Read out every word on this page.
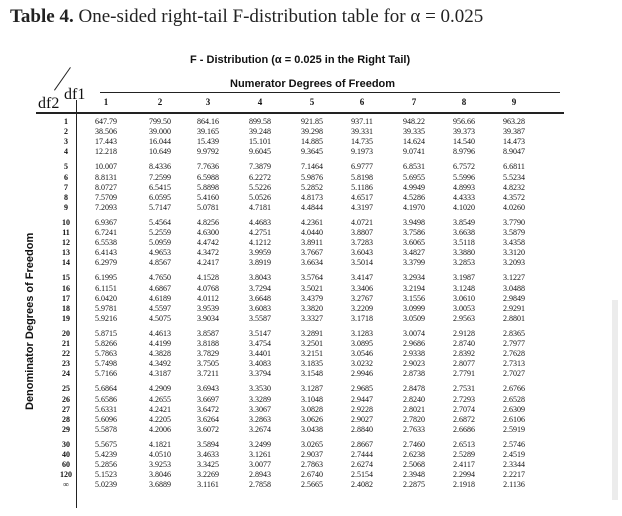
Table 4. One-sided right-tail F-distribution table for α = 0.025
F - Distribution (α = 0.025 in the Right Tail)
Numerator Degrees of Freedom
df2
df1
Denominator Degrees of Freedom
1	2	3	4	5	6	7	8	9
1	647.79	799.50	864.16	899.58	921.85	937.11	948.22	956.66	963.28
2	38.506	39.000	39.165	39.248	39.298	39.331	39.335	39.373	39.387
3	17.443	16.044	15.439	15.101	14.885	14.735	14.624	14.540	14.473
4	12.218	10.649	9.9792	9.6045	9.3645	9.1973	9.0741	8.9796	8.9047
5	10.007	8.4336	7.7636	7.3879	7.1464	6.9777	6.8531	6.7572	6.6811
6	8.8131	7.2599	6.5988	6.2272	5.9876	5.8198	5.6955	5.5996	5.5234
7	8.0727	6.5415	5.8898	5.5226	5.2852	5.1186	4.9949	4.8993	4.8232
8	7.5709	6.0595	5.4160	5.0526	4.8173	4.6517	4.5286	4.4333	4.3572
9	7.2093	5.7147	5.0781	4.7181	4.4844	4.3197	4.1970	4.1020	4.0260
10	6.9367	5.4564	4.8256	4.4683	4.2361	4.0721	3.9498	3.8549	3.7790
11	6.7241	5.2559	4.6300	4.2751	4.0440	3.8807	3.7586	3.6638	3.5879
12	6.5538	5.0959	4.4742	4.1212	3.8911	3.7283	3.6065	3.5118	3.4358
13	6.4143	4.9653	4.3472	3.9959	3.7667	3.6043	3.4827	3.3880	3.3120
14	6.2979	4.8567	4.2417	3.8919	3.6634	3.5014	3.3799	3.2853	3.2093
15	6.1995	4.7650	4.1528	3.8043	3.5764	3.4147	3.2934	3.1987	3.1227
16	6.1151	4.6867	4.0768	3.7294	3.5021	3.3406	3.2194	3.1248	3.0488
17	6.0420	4.6189	4.0112	3.6648	3.4379	3.2767	3.1556	3.0610	2.9849
18	5.9781	4.5597	3.9539	3.6083	3.3820	3.2209	3.0999	3.0053	2.9291
19	5.9216	4.5075	3.9034	3.5587	3.3327	3.1718	3.0509	2.9563	2.8801
20	5.8715	4.4613	3.8587	3.5147	3.2891	3.1283	3.0074	2.9128	2.8365
21	5.8266	4.4199	3.8188	3.4754	3.2501	3.0895	2.9686	2.8740	2.7977
22	5.7863	4.3828	3.7829	3.4401	3.2151	3.0546	2.9338	2.8392	2.7628
23	5.7498	4.3492	3.7505	3.4083	3.1835	3.0232	2.9023	2.8077	2.7313
24	5.7166	4.3187	3.7211	3.3794	3.1548	2.9946	2.8738	2.7791	2.7027
25	5.6864	4.2909	3.6943	3.3530	3.1287	2.9685	2.8478	2.7531	2.6766
26	5.6586	4.2655	3.6697	3.3289	3.1048	2.9447	2.8240	2.7293	2.6528
27	5.6331	4.2421	3.6472	3.3067	3.0828	2.9228	2.8021	2.7074	2.6309
28	5.6096	4.2205	3.6264	3.2863	3.0626	2.9027	2.7820	2.6872	2.6106
29	5.5878	4.2006	3.6072	3.2674	3.0438	2.8840	2.7633	2.6686	2.5919
30	5.5675	4.1821	3.5894	3.2499	3.0265	2.8667	2.7460	2.6513	2.5746
40	5.4239	4.0510	3.4633	3.1261	2.9037	2.7444	2.6238	2.5289	2.4519
60	5.2856	3.9253	3.3425	3.0077	2.7863	2.6274	2.5068	2.4117	2.3344
120	5.1523	3.8046	3.2269	2.8943	2.6740	2.5154	2.3948	2.2994	2.2217
∞	5.0239	3.6889	3.1161	2.7858	2.5665	2.4082	2.2875	2.1918	2.1136
